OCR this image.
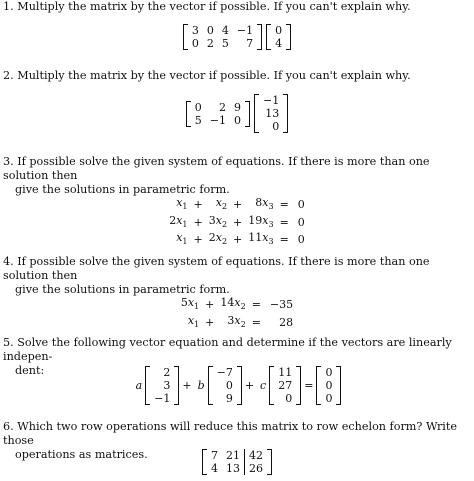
1. Multiply the matrix by the vector if possible. If you can't explain why.
3	0	4	−1
0	2	5	7
0
4
2. Multiply the matrix by the vector if possible. If you can't explain why.
0	2	9
5	−1	0
−1
13
0
3. If possible solve the given system of equations. If there is more than one solution then
give the solutions in parametric form.
$x_1$	+	$x_2$	+	$8x_3$	=	0
$2x_1$	+	$3x_2$	+	$19x_3$	=	0
$x_1$	+	$2x_2$	+	$11x_3$	=	0
4. If possible solve the given system of equations. If there is more than one solution then
give the solutions in parametric form.
$5x_1$	+	$14x_2$	=	−35
$x_1$	+	$3x_2$	=	28
5. Solve the following vector equation and determine if the vectors are linearly indepen-
dent:
a
2
3
−1
+ b
−7
0
9
+ c
11
27
0
=
0
0
0
6. Which two row operations will reduce this matrix to row echelon form? Write those
operations as matrices.	7	21	42
4	13	26
